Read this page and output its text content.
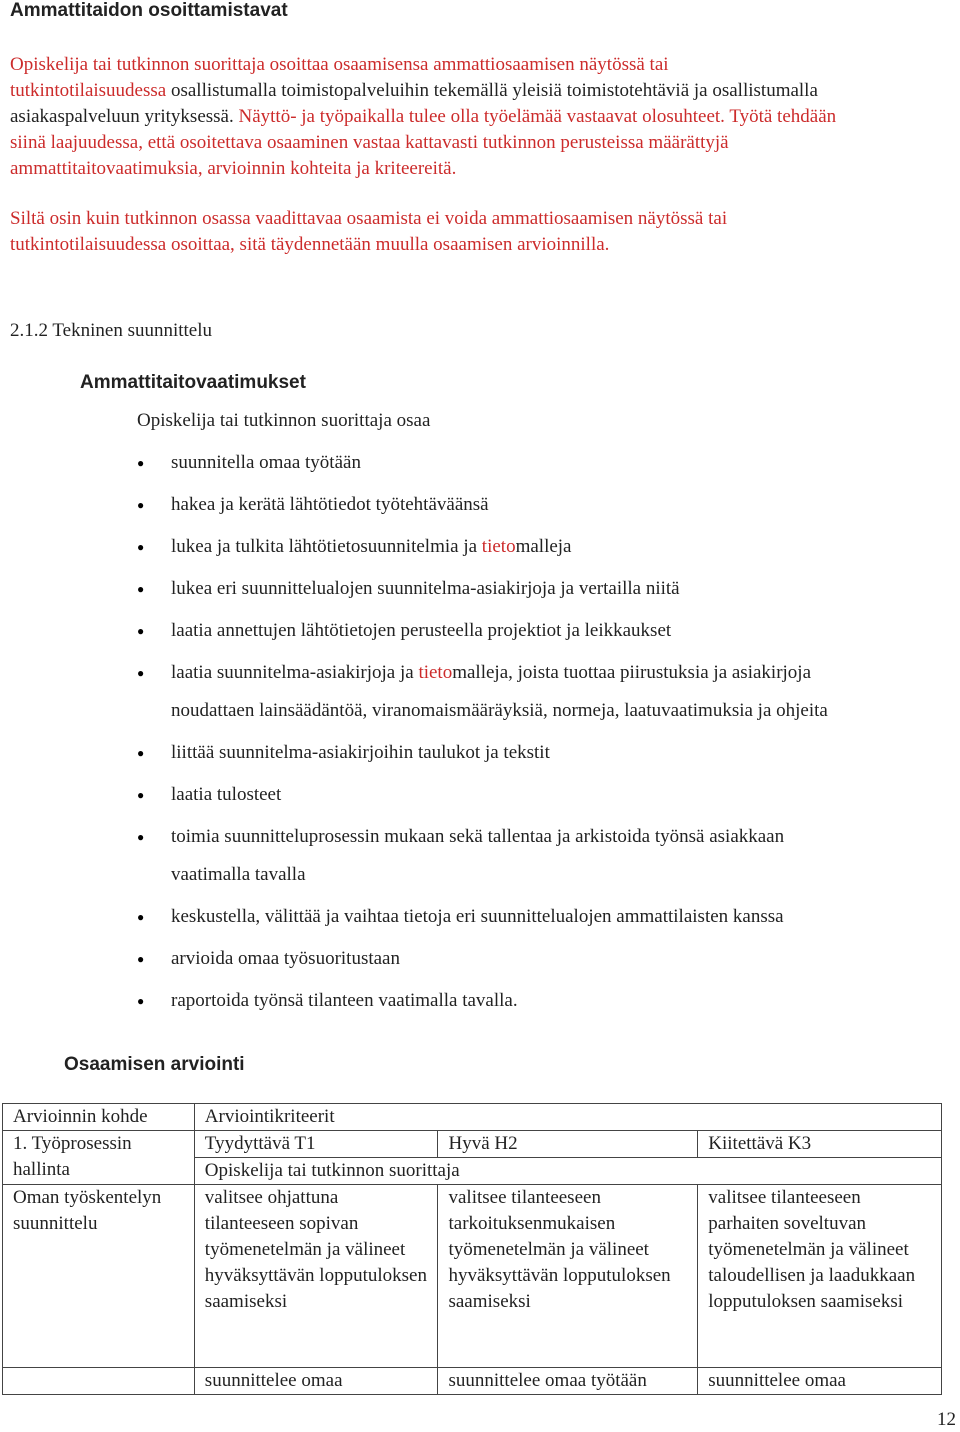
Ammattitaidon osoittamistavat
Opiskelija tai tutkinnon suorittaja osoittaa osaamisensa ammattiosaamisen näytössä tai
tutkintotilaisuudessa osallistumalla toimistopalveluihin tekemällä yleisiä toimistotehtäviä ja osallistumalla
asiakaspalveluun yrityksessä. Näyttö- ja työpaikalla tulee olla työelämää vastaavat olosuhteet. Työtä tehdään
siinä laajuudessa, että osoitettava osaaminen vastaa kattavasti tutkinnon perusteissa määrättyjä
ammattitaitovaatimuksia, arvioinnin kohteita ja kriteereitä.
Siltä osin kuin tutkinnon osassa vaadittavaa osaamista ei voida ammattiosaamisen näytössä tai
tutkintotilaisuudessa osoittaa, sitä täydennetään muulla osaamisen arvioinnilla.
2.1.2 Tekninen suunnittelu
Ammattitaitovaatimukset
Opiskelija tai tutkinnon suorittaja osaa
● suunnitella omaa työtään
● hakea ja kerätä lähtötiedot työtehtäväänsä
● lukea ja tulkita lähtötietosuunnitelmia ja tietomalleja
● lukea eri suunnittelualojen suunnitelma-asiakirjoja ja vertailla niitä
● laatia annettujen lähtötietojen perusteella projektiot ja leikkaukset
● laatia suunnitelma-asiakirjoja ja tietomalleja, joista tuottaa piirustuksia ja asiakirjoja
noudattaen lainsäädäntöä, viranomaismääräyksiä, normeja, laatuvaatimuksia ja ohjeita
● liittää suunnitelma-asiakirjoihin taulukot ja tekstit
● laatia tulosteet
● toimia suunnitteluprosessin mukaan sekä tallentaa ja arkistoida työnsä asiakkaan
vaatimalla tavalla
● keskustella, välittää ja vaihtaa tietoja eri suunnittelualojen ammattilaisten kanssa
● arvioida omaa työsuoritustaan
● raportoida työnsä tilanteen vaatimalla tavalla.
Osaamisen arviointi
Arvioinnin kohde	Arviointikriteerit		
1. Työprosessin hallinta	Tyydyttävä T1	Hyvä H2	Kiitettävä K3
	Opiskelija tai tutkinnon suorittaja		
Oman työskentelyn suunnittelu	valitsee ohjattuna tilanteeseen sopivan työmenetelmän ja välineet hyväksyttävän lopputuloksen saamiseksi	valitsee tilanteeseen tarkoituksenmukaisen työmenetelmän ja välineet hyväksyttävän lopputuloksen saamiseksi	valitsee tilanteeseen parhaiten soveltuvan työmenetelmän ja välineet taloudellisen ja laadukkaan lopputuloksen saamiseksi
	suunnittelee omaa	suunnittelee omaa työtään	suunnittelee omaa
12
